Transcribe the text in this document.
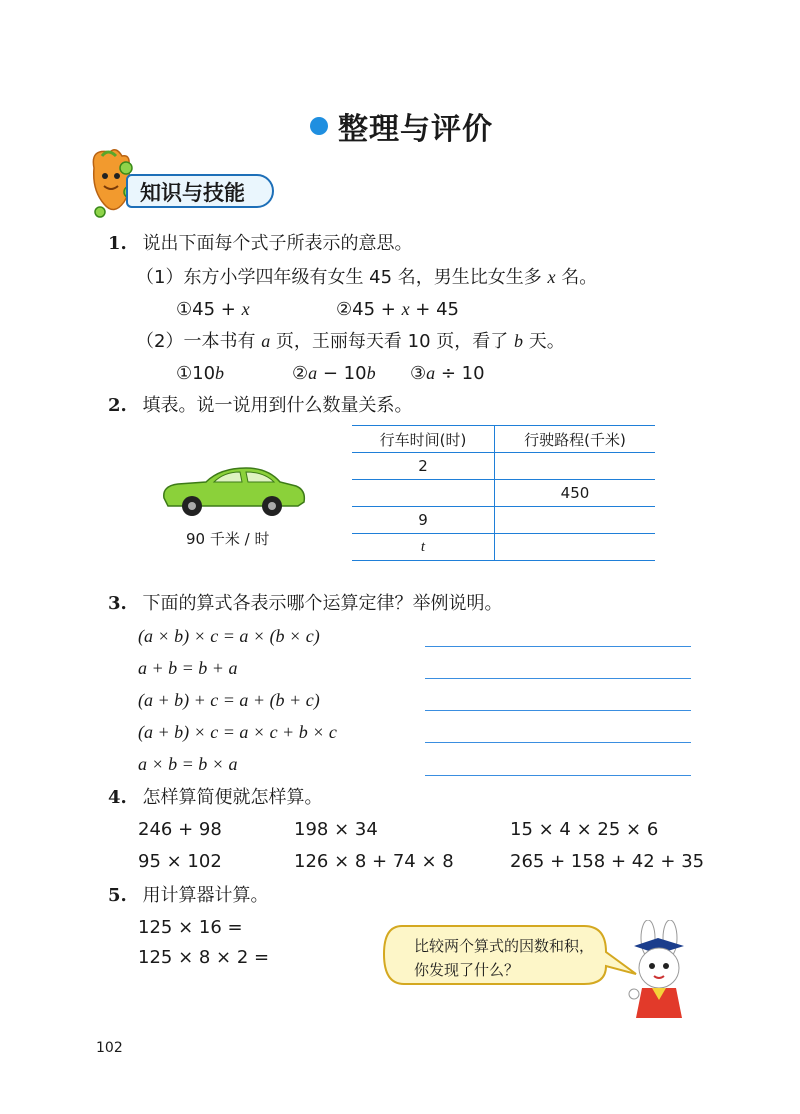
整理与评价
知识与技能
1. 说出下面每个式子所表示的意思。
（1）东方小学四年级有女生 45 名，男生比女生多 x 名。
①45 + x	②45 + x + 45
（2）一本书有 a 页，王丽每天看 10 页，看了 b 天。
①10b	②a − 10b ③a ÷ 10
2. 填表。说一说用到什么数量关系。
90 千米 / 时
行车时间(时)	行驶路程(千米)
2	
	450
9	
t	
3. 下面的算式各表示哪个运算定律？举例说明。
(a × b) × c = a × (b × c)
a + b = b + a
(a + b) + c = a + (b + c)
(a + b) × c = a × c + b × c
a × b = b × a
4. 怎样算简便就怎样算。
246 + 98	198 × 34	15 × 4 × 25 × 6
95 × 102	126 × 8 + 74 × 8	265 + 158 + 42 + 35
5. 用计算器计算。
125 × 16 =
125 × 8 × 2 =
比较两个算式的因数和积，你发现了什么？
102
